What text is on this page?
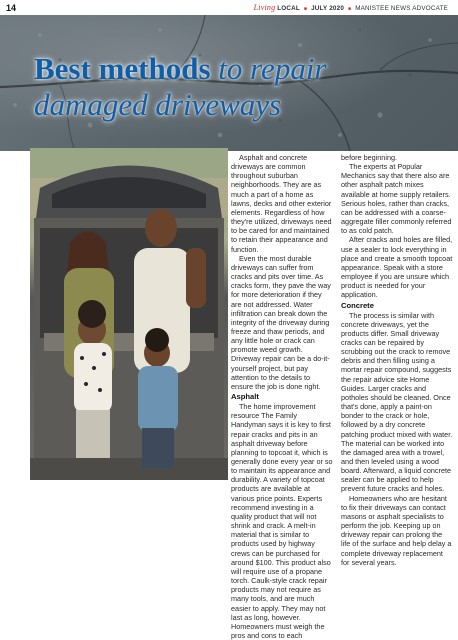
14	Living LOCAL ■ JULY 2020 ■ MANISTEE NEWS ADVOCATE
Best methods to repair
damaged driveways

Asphalt and concrete driveways are common throughout suburban neighborhoods. They are as much a part of a home as lawns, decks and other exterior elements. Regardless of how they're utilized, driveways need to be cared for and maintained to retain their appearance and function.

Even the most durable driveways can suffer from cracks and pits over time. As cracks form, they pave the way for more deterioration if they are not addressed. Water infiltration can break down the integrity of the driveway during freeze and thaw periods, and any little hole or crack can promote weed growth. Driveway repair can be a do-it-yourself project, but pay attention to the details to ensure the job is done right.

Asphalt

The home improvement resource The Family Handyman says it is key to first repair cracks and pits in an asphalt driveway before planning to topcoat it, which is generally done every year or so to maintain its appearance and durability. A variety of topcoat products are available at various price points. Experts recommend investing in a quality product that will not shrink and crack. A melt-in material that is similar to products used by highway crews can be purchased for around $100. This product also will require use of a propane torch. Caulk-style crack repair products may not require as many tools, and are much easier to apply. They may not last as long, however. Homeowners must weigh the pros and cons to each

before beginning.

The experts at Popular Mechanics say that there also are other asphalt patch mixes available at home supply retailers. Serious holes, rather than cracks, can be addressed with a coarse-aggregate filler commonly referred to as cold patch.

After cracks and holes are filled, use a sealer to lock everything in place and create a smooth topcoat appearance. Speak with a store employee if you are unsure which product is needed for your application.

Concrete

The process is similar with concrete driveways, yet the products differ. Small driveway cracks can be repaired by scrubbing out the crack to remove debris and then filling using a mortar repair compound, suggests the repair advice site Home Guides. Larger cracks and potholes should be cleaned. Once that's done, apply a paint-on bonder to the crack or hole, followed by a dry concrete patching product mixed with water. The material can be worked into the damaged area with a trowel, and then leveled using a wood board. Afterward, a liquid concrete sealer can be applied to help prevent future cracks and holes.

Homeowners who are hesitant to fix their driveways can contact masons or asphalt specialists to perform the job. Keeping up on driveway repair can prolong the life of the surface and help delay a complete driveway replacement for several years.
